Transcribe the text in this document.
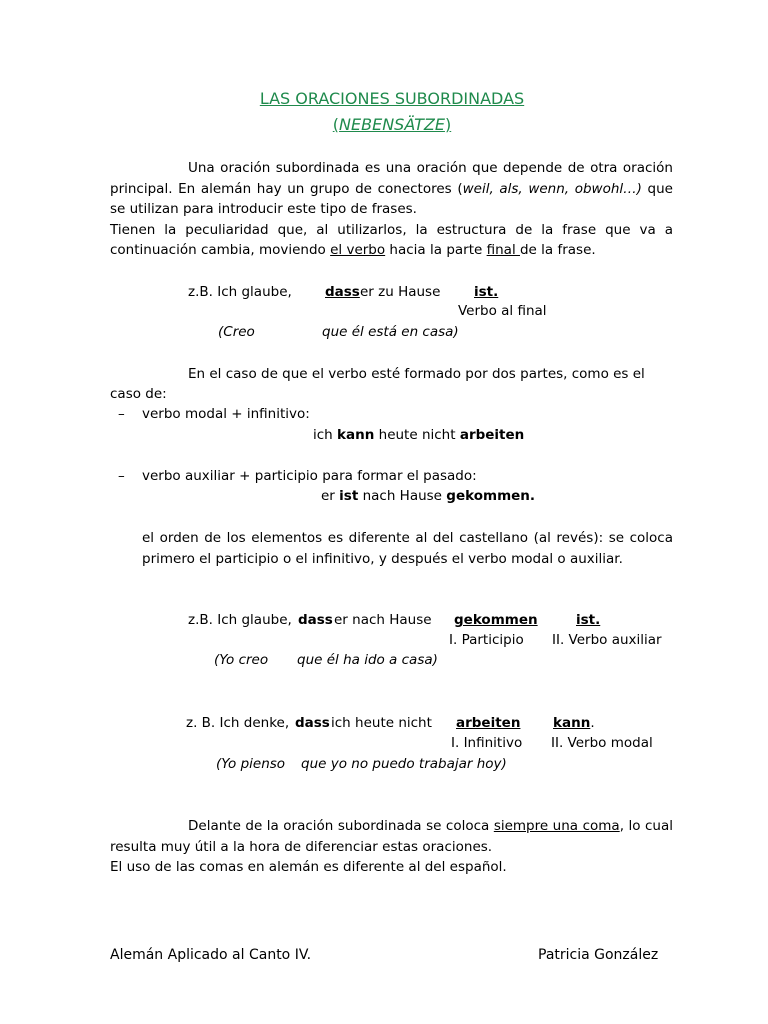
LAS ORACIONES SUBORDINADAS
(NEBENSÄTZE)

Una oración subordinada es una oración que depende de otra oración principal. En alemán hay un grupo de conectores (weil, als, wenn, obwohl…) que se utilizan para introducir este tipo de frases.

Tienen la peculiaridad que, al utilizarlos, la estructura de la frase que va a continuación cambia, moviendo el verbo hacia la parte final de la frase.

z.B. Ich glaube, dass er zu Hause ist.
Verbo al final
(Creo	que él está en casa)

En el caso de que el verbo esté formado por dos partes, como es el

caso de:
– verbo modal + infinitivo:
ich kann heute nicht arbeiten
– verbo auxiliar + participio para formar el pasado:
er ist nach Hause gekommen.
el orden de los elementos es diferente al del castellano (al revés): se coloca primero el participio o el infinitivo, y después el verbo modal o auxiliar.
z.B. Ich glaube, dass er nach Hause gekommen	ist.
I. Participio II. Verbo auxiliar
(Yo creo que él ha ido a casa)
z. B. Ich denke, dass ich heute nicht arbeiten kann.
I. Infinitivo II. Verbo modal
(Yo pienso que yo no puedo trabajar hoy)

Delante de la oración subordinada se coloca siempre una coma, lo cual resulta muy útil a la hora de diferenciar estas oraciones.

El uso de las comas en alemán es diferente al del español.

Alemán Aplicado al Canto IV.	Patricia González
